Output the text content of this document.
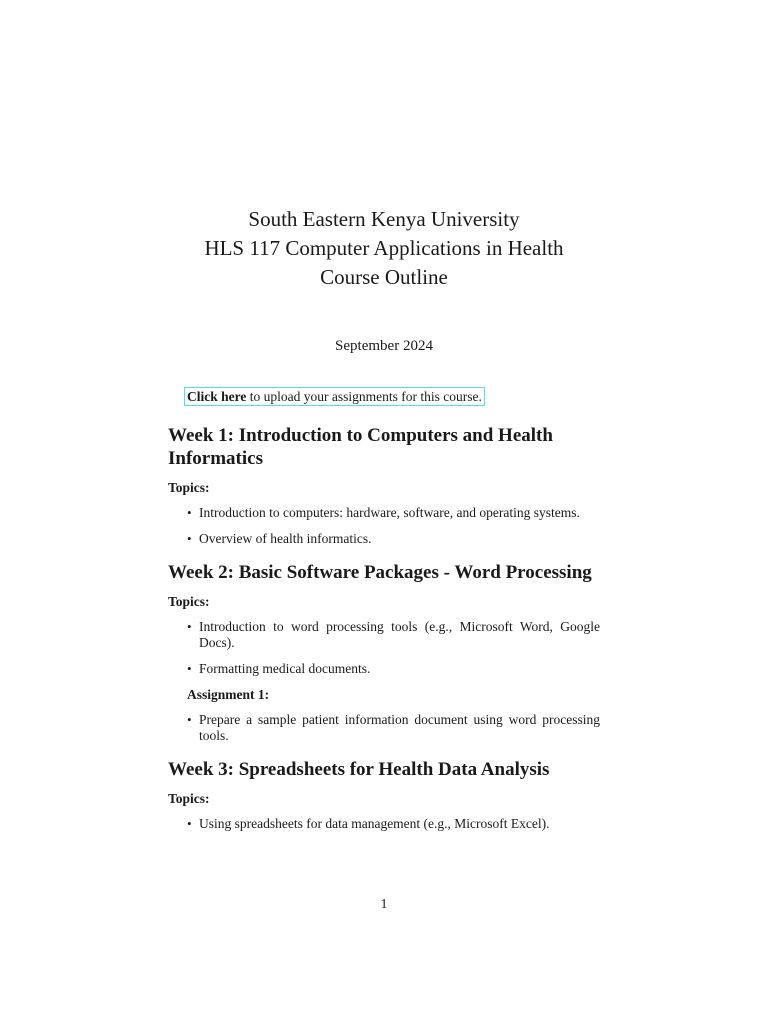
South Eastern Kenya University
HLS 117 Computer Applications in Health
Course Outline
September 2024
Click here to upload your assignments for this course.
Week 1: Introduction to Computers and Health Informatics
Topics:
• Introduction to computers: hardware, software, and operating systems.
• Overview of health informatics.
Week 2: Basic Software Packages - Word Processing
Topics:
• Introduction to word processing tools (e.g., Microsoft Word, Google Docs).
• Formatting medical documents.
Assignment 1:
• Prepare a sample patient information document using word processing tools.
Week 3: Spreadsheets for Health Data Analysis
Topics:
• Using spreadsheets for data management (e.g., Microsoft Excel).
1
